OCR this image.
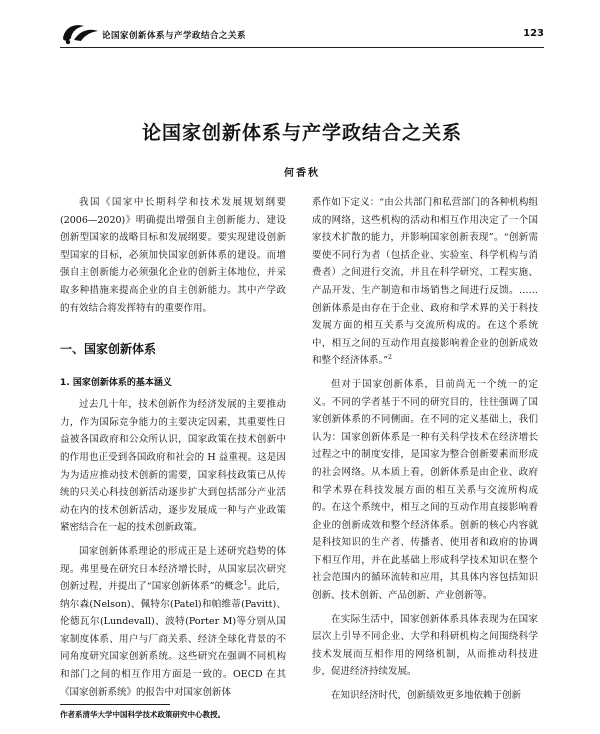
论国家创新体系与产学政结合之关系	123
论国家创新体系与产学政结合之关系
何香秋

我国《国家中长期科学和技术发展规划纲要(2006—2020)》明确提出增强自主创新能力、建设创新型国家的战略目标和发展纲要。要实现建设创新型国家的目标，必须加快国家创新体系的建设。而增强自主创新能力必须强化企业的创新主体地位，并采取多种措施来提高企业的自主创新能力。其中产学政的有效结合将发挥特有的重要作用。

一、国家创新体系
1. 国家创新体系的基本涵义

过去几十年，技术创新作为经济发展的主要推动力，作为国际竞争能力的主要决定因素，其重要性日益被各国政府和公众所认识，国家政策在技术创新中的作用也正受到各国政府和社会的 H 益重视。这是因为为适应推动技术创新的需要，国家科技政策已从传统的只关心科技创新活动逐步扩大到包括部分产业活动在内的技术创新活动，逐步发展成一种与产业政策紧密结合在一起的技术创新政策。

国家创新体系理论的形成正是上述研究趋势的体现。弗里曼在研究日本经济增长时，从国家层次研究创新过程，并提出了“国家创新体系”的概念$^1$。此后，纳尔森(Nelson)、佩特尔(Patel)和帕维蒂(Pavitt)、伦德瓦尔(Lundevall)、波特(Porter M)等分别从国家制度体系、用户与厂商关系、经济全球化背景的不同角度研究国家创新系统。这些研究在强调不同机构和部门之间的相互作用方面是一致的。OECD 在其《国家创新系统》的报告中对国家创新体

系作如下定义：“由公共部门和私营部门的各种机构组成的网络，这些机构的活动和相互作用决定了一个国家技术扩散的能力，并影响国家创新表现”。“创新需要使不同行为者（包括企业、实验室、科学机构与消费者）之间进行交流，并且在科学研究、工程实施、产品开发、生产制造和市场销售之间进行反馈。……创新体系是由存在于企业、政府和学术界的关于科技发展方面的相互关系与交流所构成的。在这个系统中，相互之间的互动作用直接影响着企业的创新成效和整个经济体系。”$^2$

但对于国家创新体系，目前尚无一个统一的定义。不同的学者基于不同的研究目的，往往强调了国家创新体系的不同侧面。在不同的定义基础上，我们认为：国家创新体系是一种有关科学技术在经济增长过程之中的制度安排，是国家为整合创新要素而形成的社会网络。从本质上看，创新体系是由企业、政府和学术界在科技发展方面的相互关系与交流所构成的。在这个系统中，相互之间的互动作用直接影响着企业的创新成效和整个经济体系。创新的核心内容就是科技知识的生产者、传播者、使用者和政府的协调下相互作用，并在此基础上形成科学技术知识在整个社会范围内的循环流转和应用，其具体内容包括知识创新、技术创新、产品创新、产业创新等。

在实际生活中，国家创新体系具体表现为在国家层次上引导不同企业、大学和科研机构之间围绕科学技术发展而互相作用的网络机制，从而推动科技进步，促进经济持续发展。

在知识经济时代，创新绩效更多地依赖于创新

作者系清华大学中国科学技术政策研究中心教授。
